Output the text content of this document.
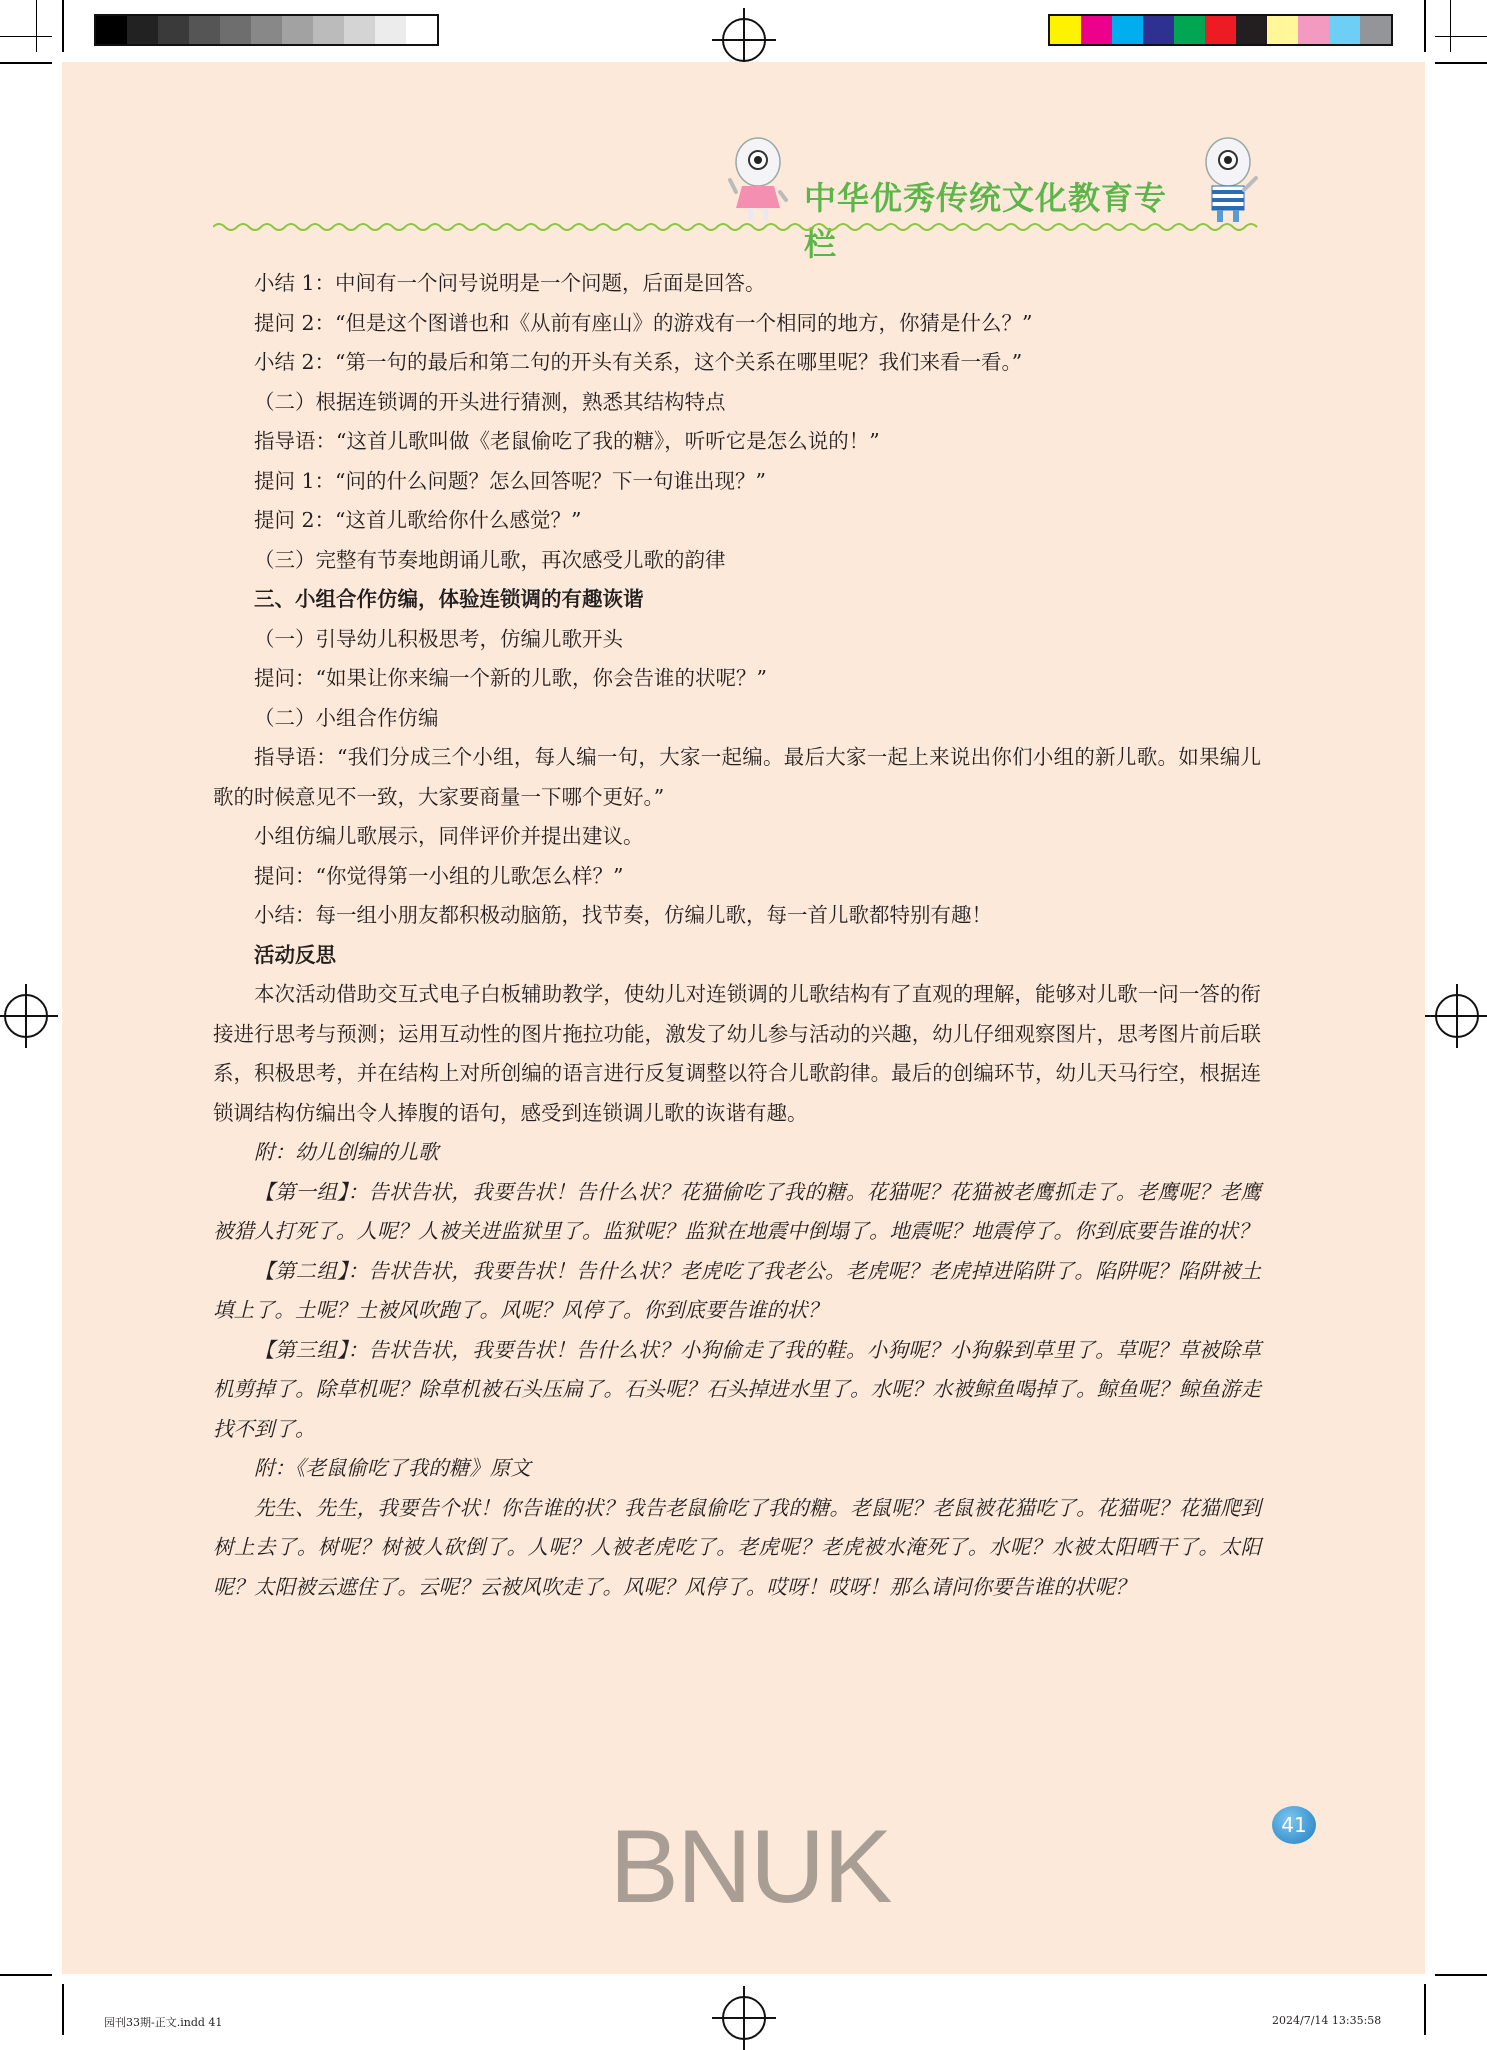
中华优秀传统文化教育专栏

小结 1：中间有一个问号说明是一个问题，后面是回答。

提问 2：“但是这个图谱也和《从前有座山》的游戏有一个相同的地方，你猜是什么？”

小结 2：“第一句的最后和第二句的开头有关系，这个关系在哪里呢？我们来看一看。”

（二）根据连锁调的开头进行猜测，熟悉其结构特点

指导语：“这首儿歌叫做《老鼠偷吃了我的糖》，听听它是怎么说的！”

提问 1：“问的什么问题？怎么回答呢？下一句谁出现？”

提问 2：“这首儿歌给你什么感觉？”

（三）完整有节奏地朗诵儿歌，再次感受儿歌的韵律

三、小组合作仿编，体验连锁调的有趣诙谐

（一）引导幼儿积极思考，仿编儿歌开头

提问：“如果让你来编一个新的儿歌，你会告谁的状呢？”

（二）小组合作仿编

指导语：“我们分成三个小组，每人编一句，大家一起编。最后大家一起上来说出你们小组的新儿歌。如果编儿歌的时候意见不一致，大家要商量一下哪个更好。”

小组仿编儿歌展示，同伴评价并提出建议。

提问：“你觉得第一小组的儿歌怎么样？”

小结：每一组小朋友都积极动脑筋，找节奏，仿编儿歌，每一首儿歌都特别有趣！

活动反思

本次活动借助交互式电子白板辅助教学，使幼儿对连锁调的儿歌结构有了直观的理解，能够对儿歌一问一答的衔接进行思考与预测；运用互动性的图片拖拉功能，激发了幼儿参与活动的兴趣，幼儿仔细观察图片，思考图片前后联系，积极思考，并在结构上对所创编的语言进行反复调整以符合儿歌韵律。最后的创编环节，幼儿天马行空，根据连锁调结构仿编出令人捧腹的语句，感受到连锁调儿歌的诙谐有趣。

附：幼儿创编的儿歌

【第一组】：告状告状，我要告状！告什么状？花猫偷吃了我的糖。花猫呢？花猫被老鹰抓走了。老鹰呢？老鹰被猎人打死了。人呢？人被关进监狱里了。监狱呢？监狱在地震中倒塌了。地震呢？地震停了。你到底要告谁的状？

【第二组】：告状告状，我要告状！告什么状？老虎吃了我老公。老虎呢？老虎掉进陷阱了。陷阱呢？陷阱被土填上了。土呢？土被风吹跑了。风呢？风停了。你到底要告谁的状？

【第三组】：告状告状，我要告状！告什么状？小狗偷走了我的鞋。小狗呢？小狗躲到草里了。草呢？草被除草机剪掉了。除草机呢？除草机被石头压扁了。石头呢？石头掉进水里了。水呢？水被鲸鱼喝掉了。鲸鱼呢？鲸鱼游走找不到了。

附：《老鼠偷吃了我的糖》原文

先生、先生，我要告个状！你告谁的状？我告老鼠偷吃了我的糖。老鼠呢？老鼠被花猫吃了。花猫呢？花猫爬到树上去了。树呢？树被人砍倒了。人呢？人被老虎吃了。老虎呢？老虎被水淹死了。水呢？水被太阳晒干了。太阳呢？太阳被云遮住了。云呢？云被风吹走了。风呢？风停了。哎呀！哎呀！那么请问你要告谁的状呢？

41
BNUK
园刊33期-正文.indd 41	2024/7/14 13:35:58
